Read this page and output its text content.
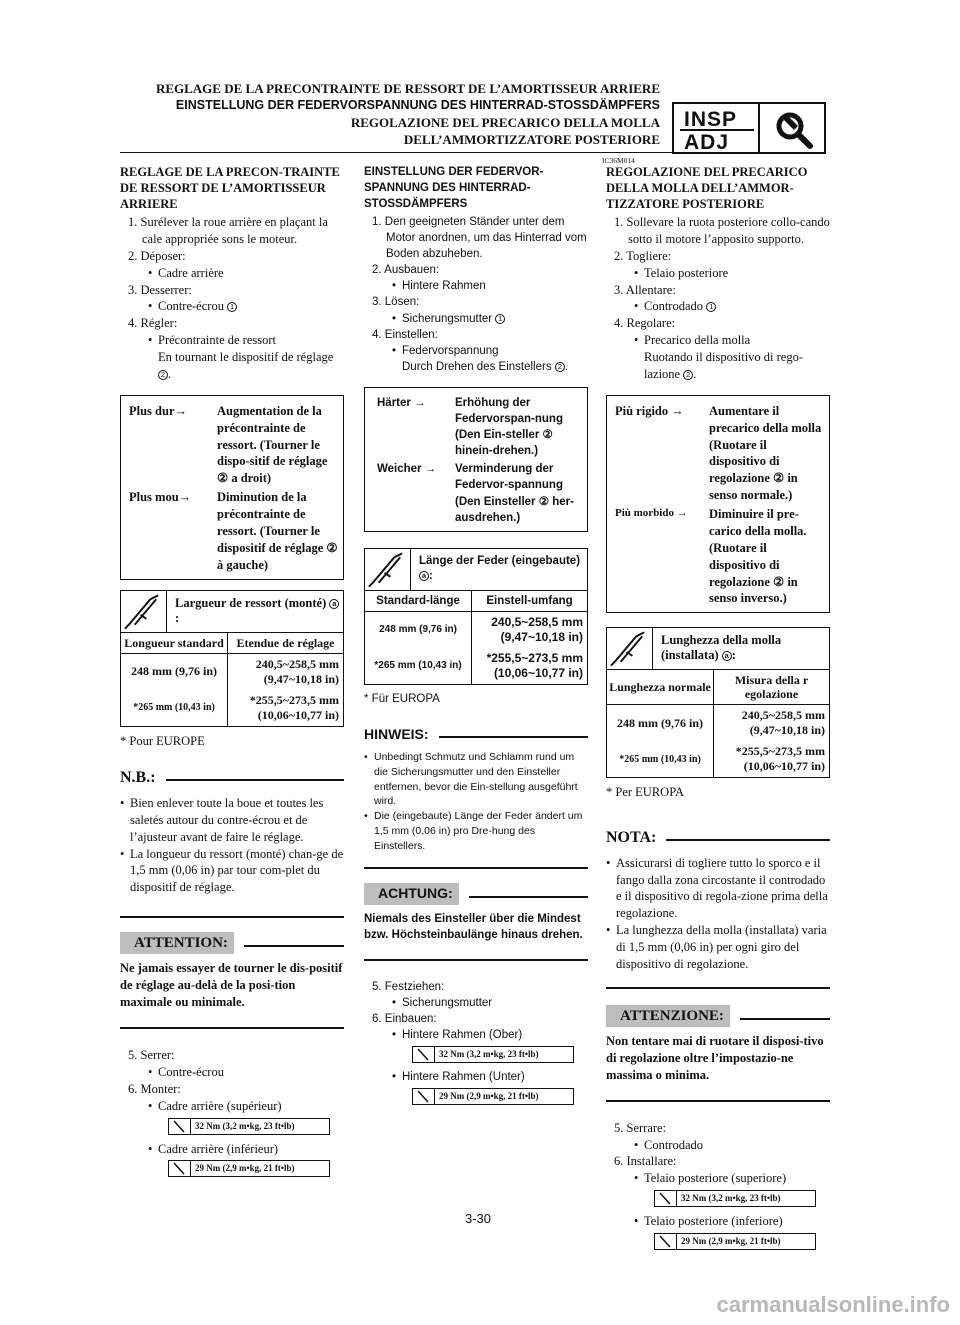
REGLAGE DE LA PRECONTRAINTE DE RESSORT DE L’AMORTISSEUR ARRIERE
EINSTELLUNG DER FEDERVORSPANNUNG DES HINTERRAD-STOSSDÄMPFERS
REGOLAZIONE DEL PRECARICO DELLA MOLLA
DELL’AMMORTIZZATORE POSTERIORE
INSP
ADJ
IC36M014
REGLAGE DE LA PRECON-TRAINTE DE RESSORT DE L’AMORTISSEUR ARRIERE
1. Surélever la roue arrière en plaçant la cale appropriée sons le moteur.
2. Déposer:
• Cadre arrière
3. Desserrer:
• Contre-écrou 1
4. Régler:
• Précontrainte de ressort
En tournant le dispositif de réglage 2 .
Plus dur→	Augmentation de la précontrainte de ressort. (Tourner le dispo-sitif de réglage ② a droit)
Plus mou→	Diminution de la précontrainte de ressort. (Tourner le dispositif de réglage ② à gauche)
Largueur de ressort (monté) a:
Longueur standard	Etendue de réglage
248 mm (9,76 in)	240,5~258,5 mm (9,47~10,18 in)
*265 mm (10,43 in)	*255,5~273,5 mm (10,06~10,77 in)
* Pour EUROPE
N.B.:
• Bien enlever toute la boue et toutes les saletés autour du contre-écrou et de l’ajusteur avant de faire le réglage.
• La longueur du ressort (monté) chan-ge de 1,5 mm (0,06 in) par tour com-plet du dispositif de réglage.
ATTENTION:
Ne jamais essayer de tourner le dis-positif de réglage au-delà de la posi-tion maximale ou minimale.
5. Serrer:
• Contre-écrou
6. Monter:
• Cadre arrière (supérieur)
32 Nm (3,2 m•kg, 23 ft•lb)
• Cadre arrière (inférieur)
29 Nm (2,9 m•kg, 21 ft•lb)
EINSTELLUNG DER FEDERVOR-SPANNUNG DES HINTERRAD-STOSSDÄMPFERS
1. Den geeigneten Ständer unter dem Motor anordnen, um das Hinterrad vom Boden abzuheben.
2. Ausbauen:
• Hintere Rahmen
3. Lösen:
• Sicherungsmutter 1
4. Einstellen:
• Federvorspannung
Durch Drehen des Einstellers 2 .
Härter →	Erhöhung der Federvorspan-nung (Den Ein-steller ② hinein-drehen.)
Weicher →	Verminderung der Federvor-spannung (Den Einsteller ② her-ausdrehen.)
Länge der Feder (eingebaute) a :
Standard-länge	Einstell-umfang
248 mm (9,76 in)	240,5~258,5 mm (9,47~10,18 in)
*265 mm (10,43 in)	*255,5~273,5 mm (10,06~10,77 in)
* Für EUROPA
HINWEIS:
• Unbedingt Schmutz und Schlamm rund um die Sicherungsmutter und den Einsteller entfernen, bevor die Ein-stellung ausgeführt wird.
• Die (eingebaute) Länge der Feder ändert um 1,5 mm (0,06 in) pro Dre-hung des Einstellers.
ACHTUNG:
Niemals des Einsteller über die Mindest bzw. Höchsteinbaulänge hinaus drehen.
5. Festziehen:
• Sicherungsmutter
6. Einbauen:
• Hintere Rahmen (Ober)
32 Nm (3,2 m•kg, 23 ft•lb)
• Hintere Rahmen (Unter)
29 Nm (2,9 m•kg, 21 ft•lb)
REGOLAZIONE DEL PRECARICO DELLA MOLLA DELL’AMMOR-TIZZATORE POSTERIORE
1. Sollevare la ruota posteriore collo-cando sotto il motore l’apposito supporto.
2. Togliere:
• Telaio posteriore
3. Allentare:
• Controdado 1
4. Regolare:
• Precarico della molla
Ruotando il dispositivo di rego-lazione 2 .
Più rigido →	Aumentare il precarico della molla (Ruotare il dispositivo di regolazione ② in senso normale.)
Più morbido →	Diminuire il pre-carico della molla. (Ruotare il dispositivo di regolazione ② in senso inverso.)
Lunghezza della molla (installata) a :
Lunghezza normale	Misura della r egolazione
248 mm (9,76 in)	240,5~258,5 mm (9,47~10,18 in)
*265 mm (10,43 in)	*255,5~273,5 mm (10,06~10,77 in)
* Per EUROPA
NOTA:
• Assicurarsi di togliere tutto lo sporco e il fango dalla zona circostante il controdado e il dispositivo di regola-zione prima della regolazione.
• La lunghezza della molla (installata) varia di 1,5 mm (0,06 in) per ogni giro del dispositivo di regolazione.
ATTENZIONE:
Non tentare mai di ruotare il disposi-tivo di regolazione oltre l’impostazio-ne massima o minima.
5. Serrare:
• Controdado
6. Installare:
• Telaio posteriore (superiore)
32 Nm (3,2 m•kg, 23 ft•lb)
• Telaio posteriore (inferiore)
29 Nm (2,9 m•kg, 21 ft•lb)
3-30
carmanualsonline.info
